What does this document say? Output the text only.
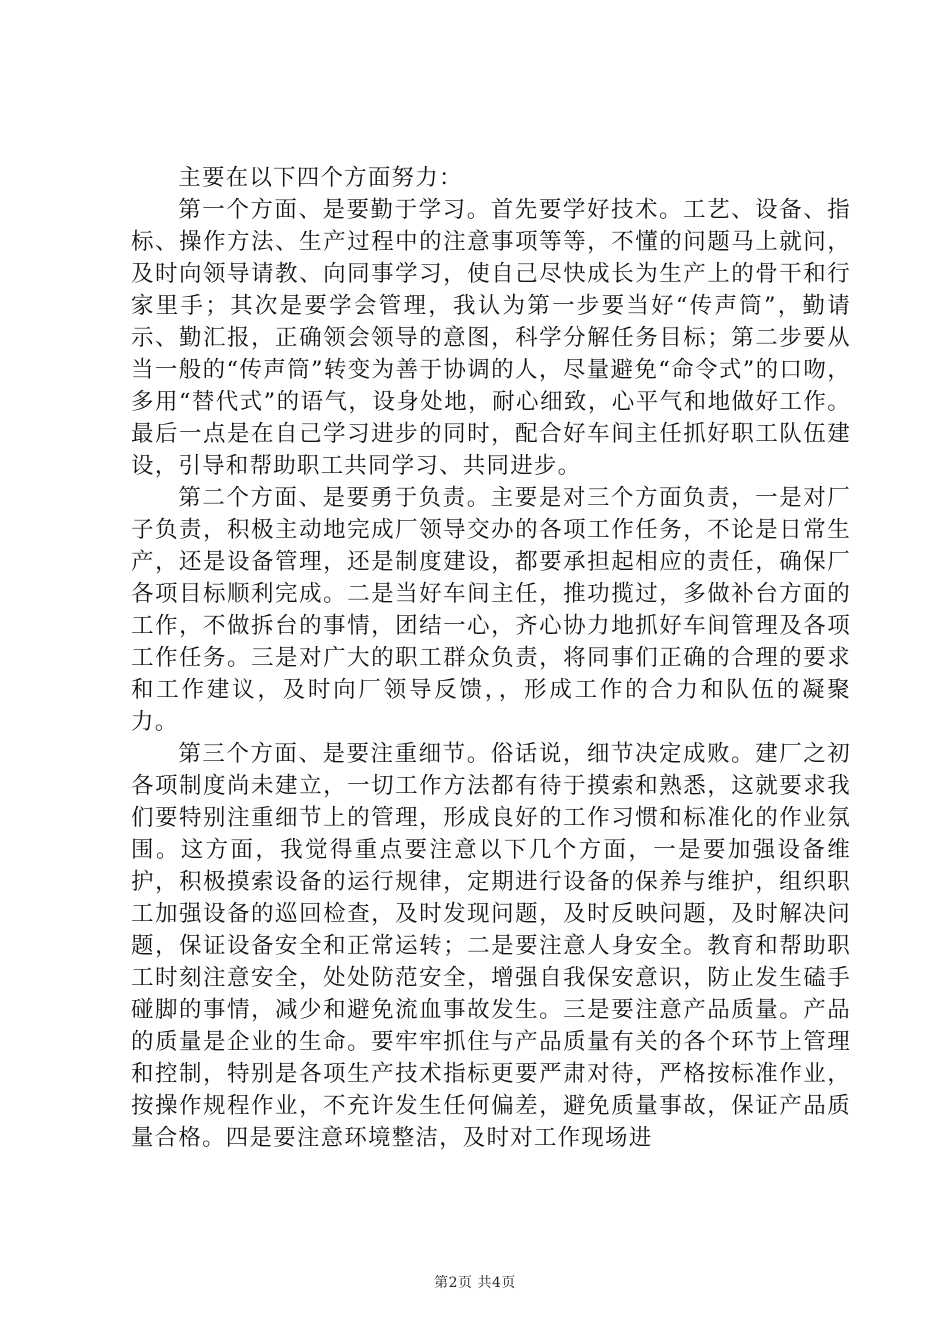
主要在以下四个方面努力：

第一个方面、是要勤于学习。首先要学好技术。工艺、设备、指标、操作方法、生产过程中的注意事项等等，不懂的问题马上就问，及时向领导请教、向同事学习，使自己尽快成长为生产上的骨干和行家里手；其次是要学会管理，我认为第一步要当好“传声筒”，勤请示、勤汇报，正确领会领导的意图，科学分解任务目标；第二步要从当一般的“传声筒”转变为善于协调的人，尽量避免“命令式”的口吻，多用“替代式”的语气，设身处地，耐心细致，心平气和地做好工作。最后一点是在自己学习进步的同时，配合好车间主任抓好职工队伍建设，引导和帮助职工共同学习、共同进步。

第二个方面、是要勇于负责。主要是对三个方面负责，一是对厂子负责，积极主动地完成厂领导交办的各项工作任务，不论是日常生产，还是设备管理，还是制度建设，都要承担起相应的责任，确保厂各项目标顺利完成。二是当好车间主任，推功揽过，多做补台方面的工作，不做拆台的事情，团结一心，齐心协力地抓好车间管理及各项工作任务。三是对广大的职工群众负责，将同事们正确的合理的要求和工作建议，及时向厂领导反馈，，形成工作的合力和队伍的凝聚力。

第三个方面、是要注重细节。俗话说，细节决定成败。建厂之初各项制度尚未建立，一切工作方法都有待于摸索和熟悉，这就要求我们要特别注重细节上的管理，形成良好的工作习惯和标准化的作业氛围。这方面，我觉得重点要注意以下几个方面，一是要加强设备维护，积极摸索设备的运行规律，定期进行设备的保养与维护，组织职工加强设备的巡回检查，及时发现问题，及时反映问题，及时解决问题，保证设备安全和正常运转；二是要注意人身安全。教育和帮助职工时刻注意安全，处处防范安全，增强自我保安意识，防止发生磕手碰脚的事情，减少和避免流血事故发生。三是要注意产品质量。产品的质量是企业的生命。要牢牢抓住与产品质量有关的各个环节上管理和控制，特别是各项生产技术指标更要严肃对待，严格按标准作业，按操作规程作业，不充许发生任何偏差，避免质量事故，保证产品质量合格。四是要注意环境整洁，及时对工作现场进

第2页 共4页
